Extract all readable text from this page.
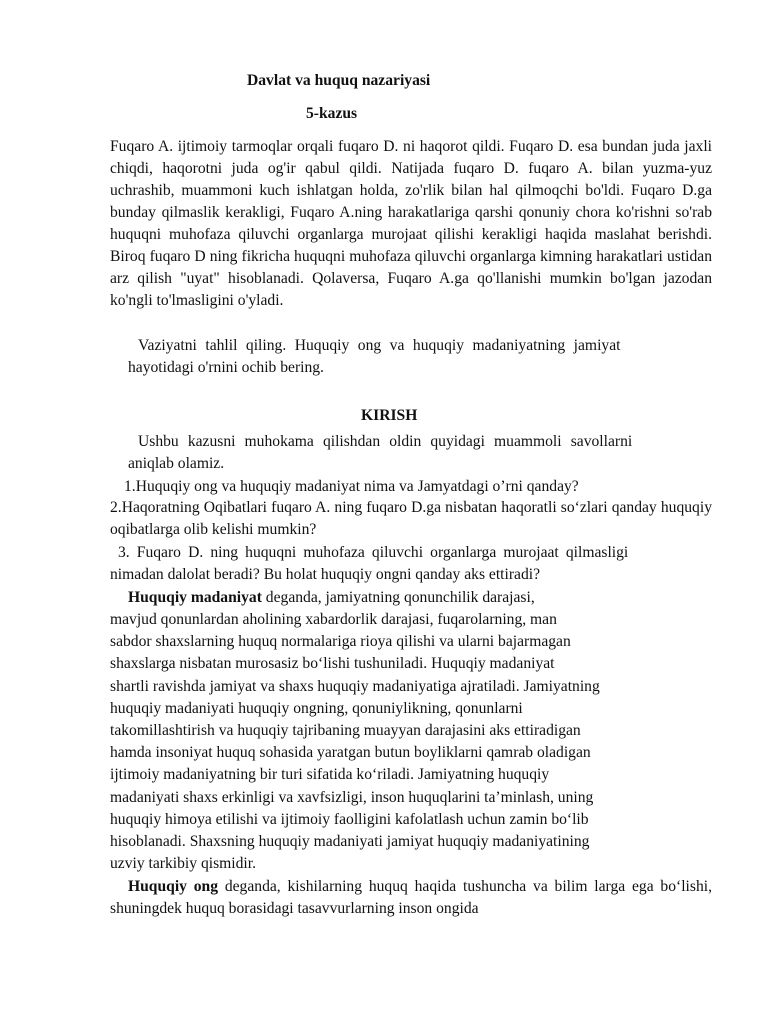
Davlat va huquq nazariyasi

5-kazus

Fuqaro A. ijtimoiy tarmoqlar orqali fuqaro D. ni haqorot qildi. Fuqaro D. esa bundan juda jaxli chiqdi, haqorotni juda og'ir qabul qildi. Natijada fuqaro D. fuqaro A. bilan yuzma-yuz uchrashib, muammoni kuch ishlatgan holda, zo'rlik bilan hal qilmoqchi bo'ldi. Fuqaro D.ga bunday qilmaslik kerakligi, Fuqaro A.ning harakatlariga qarshi qonuniy chora ko'rishni so'rab huquqni muhofaza qiluvchi organlarga murojaat qilishi kerakligi haqida maslahat berishdi. Biroq fuqaro D ning fikricha huquqni muhofaza qiluvchi organlarga kimning harakatlari ustidan arz qilish "uyat" hisoblanadi. Qolaversa, Fuqaro A.ga qo'llanishi mumkin bo'lgan jazodan ko'ngli to'lmasligini o'yladi.

Vaziyatni tahlil qiling. Huquqiy ong va huquqiy madaniyatning jamiyat

hayotidagi o'rnini ochib bering.

KIRISH

Ushbu kazusni muhokama qilishdan oldin quyidagi muammoli savollarni

aniqlab olamiz.

1.Huquqiy ong va huquqiy madaniyat nima va Jamyatdagi o’rni qanday?

2.Haqoratning Oqibatlari fuqaro A. ning fuqaro D.ga nisbatan haqoratli so‘zlari qanday huquqiy oqibatlarga olib kelishi mumkin?

3. Fuqaro D. ning huquqni muhofaza qiluvchi organlarga murojaat qilmasligi

nimadan dalolat beradi? Bu holat huquqiy ongni qanday aks ettiradi?

Huquqiy madaniyat deganda, jamiyatning qonunchilik darajasi,

mavjud qonunlardan aholining xabardorlik darajasi, fuqarolarning, man

sabdor shaxslarning huquq normalariga rioya qilishi va ularni bajarmagan

shaxslarga nisbatan murosasiz bo‘lishi tushuniladi. Huquqiy madaniyat

shartli ravishda jamiyat va shaxs huquqiy madaniyatiga ajratiladi. Jamiyatning

huquqiy madaniyati huquqiy ongning, qonuniylikning, qonunlarni

takomillashtirish va huquqiy tajribaning muayyan darajasini aks ettiradigan

hamda insoniyat huquq sohasida yaratgan butun boyliklarni qamrab oladigan

ijtimoiy madaniyatning bir turi sifatida ko‘riladi. Jamiyatning huquqiy

madaniyati shaxs erkinligi va xavfsizligi, inson huquqlarini ta’minlash, uning

huquqiy himoya etilishi va ijtimoiy faolligini kafolatlash uchun zamin bo‘lib

hisoblanadi. Shaxsning huquqiy madaniyati jamiyat huquqiy madaniyatining

uzviy tarkibiy qismidir.

Huquqiy ong deganda, kishilarning huquq haqida tushuncha va bilim larga ega bo‘lishi, shuningdek huquq borasidagi tasavvurlarning inson ongida
